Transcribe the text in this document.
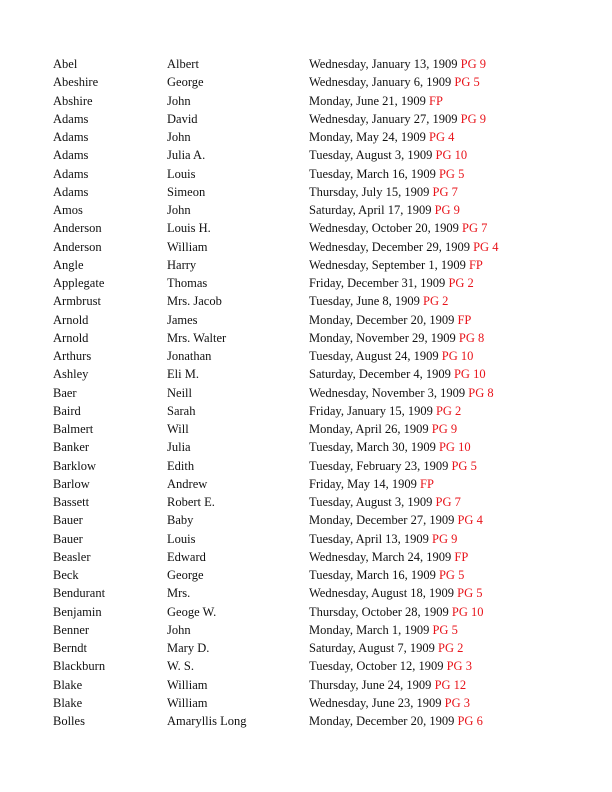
Abel	Albert	Wednesday, January 13, 1909 PG 9
Abeshire	George	Wednesday, January 6, 1909 PG 5
Abshire	John	Monday, June 21, 1909 FP
Adams	David	Wednesday, January 27, 1909 PG 9
Adams	John	Monday, May 24, 1909 PG 4
Adams	Julia A.	Tuesday, August 3, 1909 PG 10
Adams	Louis	Tuesday, March 16, 1909 PG 5
Adams	Simeon	Thursday, July 15, 1909 PG 7
Amos	John	Saturday, April 17, 1909 PG 9
Anderson	Louis H.	Wednesday, October 20, 1909 PG 7
Anderson	William	Wednesday, December 29, 1909 PG 4
Angle	Harry	Wednesday, September 1, 1909 FP
Applegate	Thomas	Friday, December 31, 1909 PG 2
Armbrust	Mrs. Jacob	Tuesday, June 8, 1909 PG 2
Arnold	James	Monday, December 20, 1909 FP
Arnold	Mrs. Walter	Monday, November 29, 1909 PG 8
Arthurs	Jonathan	Tuesday, August 24, 1909 PG 10
Ashley	Eli M.	Saturday, December 4, 1909 PG 10
Baer	Neill	Wednesday, November 3, 1909 PG 8
Baird	Sarah	Friday, January 15, 1909 PG 2
Balmert	Will	Monday, April 26, 1909 PG 9
Banker	Julia	Tuesday, March 30, 1909 PG 10
Barklow	Edith	Tuesday, February 23, 1909 PG 5
Barlow	Andrew	Friday, May 14, 1909 FP
Bassett	Robert E.	Tuesday, August 3, 1909 PG 7
Bauer	Baby	Monday, December 27, 1909 PG 4
Bauer	Louis	Tuesday, April 13, 1909 PG 9
Beasler	Edward	Wednesday, March 24, 1909 FP
Beck	George	Tuesday, March 16, 1909 PG 5
Bendurant	Mrs.	Wednesday, August 18, 1909 PG 5
Benjamin	Geoge W.	Thursday, October 28, 1909 PG 10
Benner	John	Monday, March 1, 1909 PG 5
Berndt	Mary D.	Saturday, August 7, 1909 PG 2
Blackburn	W. S.	Tuesday, October 12, 1909 PG 3
Blake	William	Thursday, June 24, 1909 PG 12
Blake	William	Wednesday, June 23, 1909 PG 3
Bolles	Amaryllis Long	Monday, December 20, 1909 PG 6
